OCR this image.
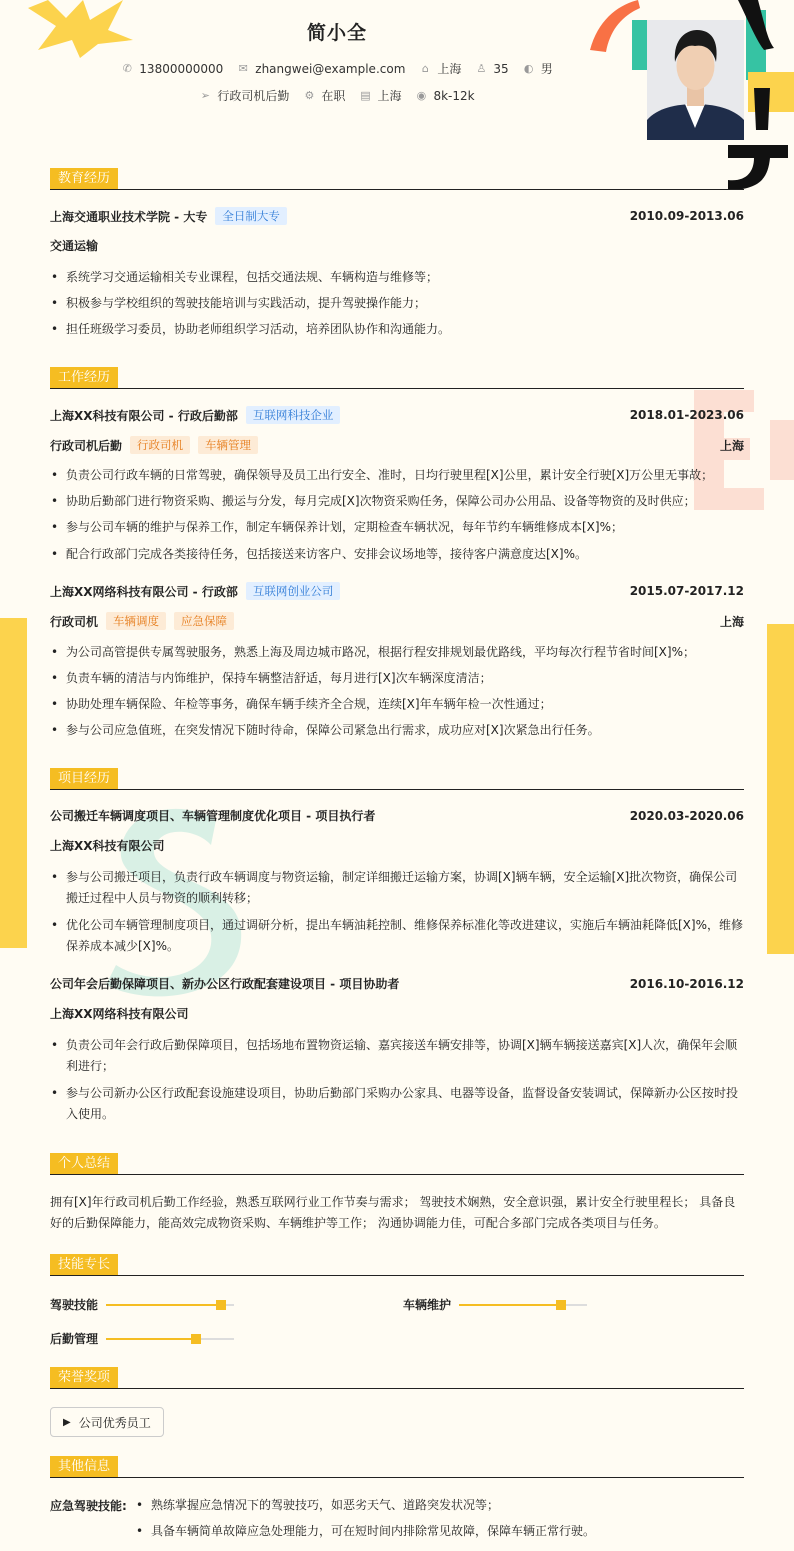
简小全
✆ 13800000000 ✉ zhangwei@example.com ⌂ 上海 ♙ 35 ◐ 男
➢ 行政司机后勤 ⚙ 在职 ▤ 上海 ◉ 8k-12k
教育经历
上海交通职业技术学院 - 大专	全日制大专	2010.09-2013.06
交通运输
• 系统学习交通运输相关专业课程，包括交通法规、车辆构造与维修等；
• 积极参与学校组织的驾驶技能培训与实践活动，提升驾驶操作能力；
• 担任班级学习委员，协助老师组织学习活动，培养团队协作和沟通能力。
工作经历
上海XX科技有限公司 - 行政后勤部	互联网科技企业	2018.01-2023.06
行政司机后勤	行政司机	车辆管理	上海
• 负责公司行政车辆的日常驾驶，确保领导及员工出行安全、准时，日均行驶里程[X]公里，累计安全行驶[X]万公里无事故；
• 协助后勤部门进行物资采购、搬运与分发，每月完成[X]次物资采购任务，保障公司办公用品、设备等物资的及时供应；
• 参与公司车辆的维护与保养工作，制定车辆保养计划，定期检查车辆状况，每年节约车辆维修成本[X]%；
• 配合行政部门完成各类接待任务，包括接送来访客户、安排会议场地等，接待客户满意度达[X]%。
上海XX网络科技有限公司 - 行政部	互联网创业公司	2015.07-2017.12
行政司机	车辆调度	应急保障	上海
• 为公司高管提供专属驾驶服务，熟悉上海及周边城市路况，根据行程安排规划最优路线，平均每次行程节省时间[X]%；
• 负责车辆的清洁与内饰维护，保持车辆整洁舒适，每月进行[X]次车辆深度清洁；
• 协助处理车辆保险、年检等事务，确保车辆手续齐全合规，连续[X]年车辆年检一次性通过；
• 参与公司应急值班，在突发情况下随时待命，保障公司紧急出行需求，成功应对[X]次紧急出行任务。
项目经历
公司搬迁车辆调度项目、车辆管理制度优化项目 - 项目执行者	2020.03-2020.06
上海XX科技有限公司
• 参与公司搬迁项目，负责行政车辆调度与物资运输，制定详细搬迁运输方案，协调[X]辆车辆，安全运输[X]批次物资，确保公司搬迁过程中人员与物资的顺利转移；
• 优化公司车辆管理制度项目，通过调研分析，提出车辆油耗控制、维修保养标准化等改进建议，实施后车辆油耗降低[X]%，维修保养成本减少[X]%。
公司年会后勤保障项目、新办公区行政配套建设项目 - 项目协助者	2016.10-2016.12
上海XX网络科技有限公司
• 负责公司年会行政后勤保障项目，包括场地布置物资运输、嘉宾接送车辆安排等，协调[X]辆车辆接送嘉宾[X]人次，确保年会顺利进行；
• 参与公司新办公区行政配套设施建设项目，协助后勤部门采购办公家具、电器等设备，监督设备安装调试，保障新办公区按时投入使用。
个人总结
拥有[X]年行政司机后勤工作经验，熟悉互联网行业工作节奏与需求； 驾驶技术娴熟，安全意识强，累计安全行驶里程长； 具备良好的后勤保障能力，能高效完成物资采购、车辆维护等工作； 沟通协调能力佳，可配合多部门完成各类项目与任务。
技能专长
驾驶技能	车辆维护
后勤管理
荣誉奖项
▶ 公司优秀员工
其他信息
应急驾驶技能:
•	熟练掌握应急情况下的驾驶技巧，如恶劣天气、道路突发状况等；
• 具备车辆简单故障应急处理能力，可在短时间内排除常见故障，保障车辆正常行驶。
